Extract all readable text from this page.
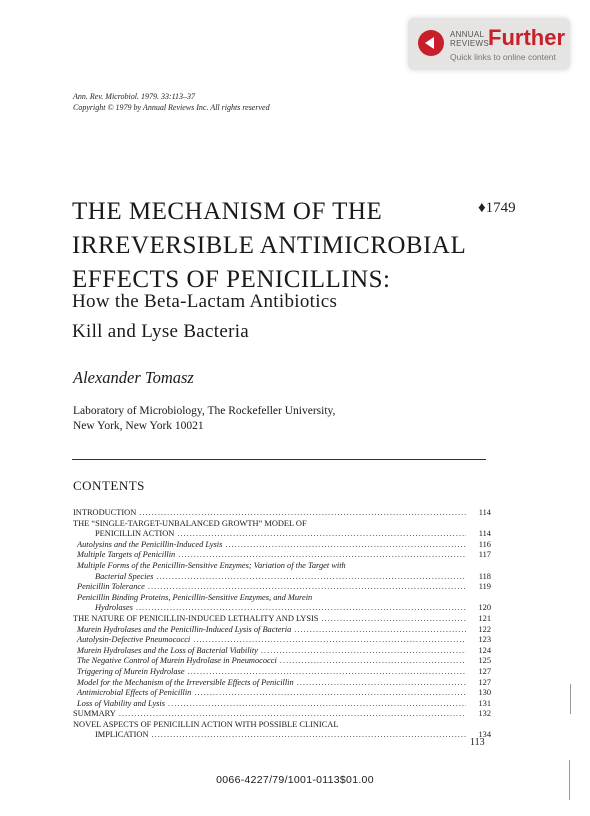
ANNUAL
REVIEWS Further
Quick links to online content
Ann. Rev. Microbiol. 1979. 33:113–37
Copyright © 1979 by Annual Reviews Inc. All rights reserved
THE MECHANISM OF THE
IRREVERSIBLE ANTIMICROBIAL
EFFECTS OF PENICILLINS:
♦1749
How the Beta-Lactam Antibiotics
Kill and Lyse Bacteria
Alexander Tomasz
Laboratory of Microbiology, The Rockefeller University,
New York, New York 10021
CONTENTS
INTRODUCTION .....	114
THE “SINGLE-TARGET-UNBALANCED GROWTH” MODEL OF
PENICILLIN ACTION .....	114
Autolysins and the Penicillin-Induced Lysis .....	116
Multiple Targets of Penicillin .....	117
Multiple Forms of the Penicillin-Sensitive Enzymes; Variation of the Target with
Bacterial Species .....	118
Penicillin Tolerance .....	119
Penicillin Binding Proteins, Penicillin-Sensitive Enzymes, and Murein
Hydrolases .....	120
THE NATURE OF PENICILLIN-INDUCED LETHALITY AND LYSIS .....	121
Murein Hydrolases and the Penicillin-Induced Lysis of Bacteria .....	122
Autolysin-Defective Pneumococci .....	123
Murein Hydrolases and the Loss of Bacterial Viability .....	124
The Negative Control of Murein Hydrolase in Pneumococci .....	125
Triggering of Murein Hydrolase .....	127
Model for the Mechanism of the Irreversible Effects of Penicillin .....	127
Antimicrobial Effects of Penicillin .....	130
Loss of Viability and Lysis .....	131
SUMMARY .....	132
NOVEL ASPECTS OF PENICILLIN ACTION WITH POSSIBLE CLINICAL
IMPLICATION .....	134
113
0066-4227/79/1001-0113$01.00
